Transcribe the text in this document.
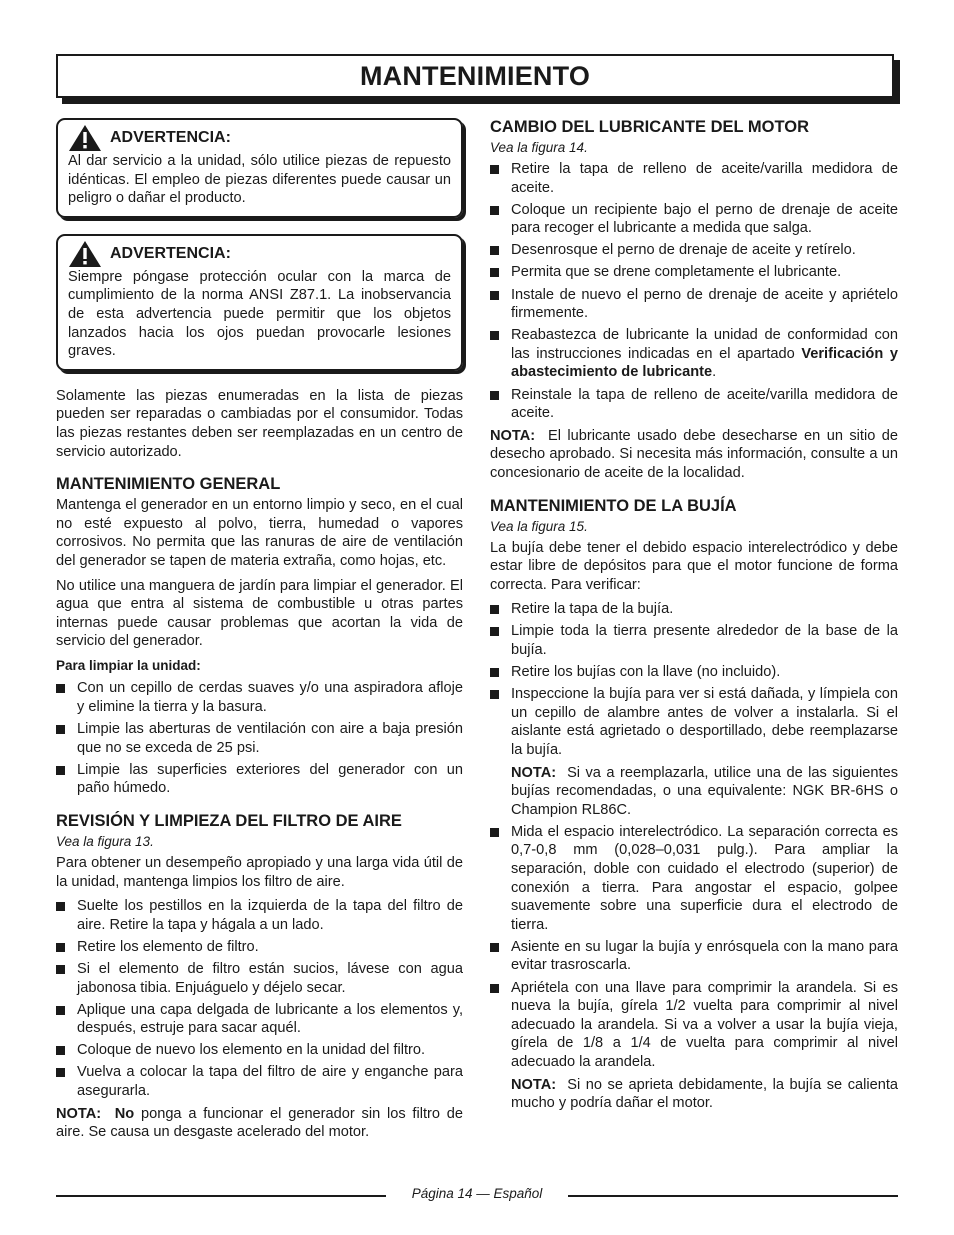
MANTENIMIENTO
ADVERTENCIA:

Al dar servicio a la unidad, sólo utilice piezas de repuesto idénticas. El empleo de piezas diferentes puede causar un peligro o dañar el producto.

ADVERTENCIA:

Siempre póngase protección ocular con la marca de cumplimiento de la norma ANSI Z87.1. La inobservancia de esta advertencia puede permitir que los objetos lanzados hacia los ojos puedan provocarle lesiones graves.

Solamente las piezas enumeradas en la lista de piezas pueden ser reparadas o cambiadas por el consumidor. Todas las piezas restantes deben ser reemplazadas en un centro de servicio autorizado.

MANTENIMIENTO GENERAL

Mantenga el generador en un entorno limpio y seco, en el cual no esté expuesto al polvo, tierra, humedad o vapores corrosivos. No permita que las ranuras de aire de ventilación del generador se tapen de materia extraña, como hojas, etc.

No utilice una manguera de jardín para limpiar el generador. El agua que entra al sistema de combustible u otras partes internas puede causar problemas que acortan la vida de servicio del generador.

Para limpiar la unidad:
Con un cepillo de cerdas suaves y/o una aspiradora afloje y elimine la tierra y la basura.
Limpie las aberturas de ventilación con aire a baja presión que no se exceda de 25 psi.
Limpie las superficies exteriores del generador con un paño húmedo.
REVISIÓN Y LIMPIEZA DEL FILTRO DE AIRE
Vea la figura 13.

Para obtener un desempeño apropiado y una larga vida útil de la unidad, mantenga limpios los filtro de aire.

Suelte los pestillos en la izquierda de la tapa del filtro de aire. Retire la tapa y hágala a un lado.
Retire los elemento de filtro.
Si el elemento de filtro están sucios, lávese con agua jabonosa tibia. Enjuáguelo y déjelo secar.
Aplique una capa delgada de lubricante a los elementos y, después, estruje para sacar aquél.
Coloque de nuevo los elemento en la unidad del filtro.
Vuelva a colocar la tapa del filtro de aire y enganche para asegurarla.

NOTA: No ponga a funcionar el generador sin los filtro de aire. Se causa un desgaste acelerado del motor.

CAMBIO DEL LUBRICANTE DEL MOTOR
Vea la figura 14.
Retire la tapa de relleno de aceite/varilla medidora de aceite.
Coloque un recipiente bajo el perno de drenaje de aceite para recoger el lubricante a medida que salga.
Desenrosque el perno de drenaje de aceite y retírelo.
Permita que se drene completamente el lubricante.
Instale de nuevo el perno de drenaje de aceite y apriételo firmemente.
Reabastezca de lubricante la unidad de conformidad con las instrucciones indicadas en el apartado Verificación y abastecimiento de lubricante.
Reinstale la tapa de relleno de aceite/varilla medidora de aceite.

NOTA: El lubricante usado debe desecharse en un sitio de desecho aprobado. Si necesita más información, consulte a un concesionario de aceite de la localidad.

MANTENIMIENTO DE LA BUJÍA
Vea la figura 15.

La bujía debe tener el debido espacio interelectródico y debe estar libre de depósitos para que el motor funcione de forma correcta. Para verificar:

Retire la tapa de la bujía.
Limpie toda la tierra presente alrededor de la base de la bujía.
Retire los bujías con la llave (no incluido).
Inspeccione la bujía para ver si está dañada, y límpiela con un cepillo de alambre antes de volver a instalarla. Si el aislante está agrietado o desportillado, debe reemplazarse la bujía.
NOTA: Si va a reemplazarla, utilice una de las siguientes bujías recomendadas, o una equivalente: NGK BR-6HS o Champion RL86C.
Mida el espacio interelectródico. La separación correcta es 0,7-0,8 mm (0,028–0,031 pulg.). Para ampliar la separación, doble con cuidado el electrodo (superior) de conexión a tierra. Para angostar el espacio, golpee suavemente sobre una superficie dura el electrodo de tierra.
Asiente en su lugar la bujía y enrósquela con la mano para evitar trasroscarla.
Apriétela con una llave para comprimir la arandela. Si es nueva la bujía, gírela 1/2 vuelta para comprimir al nivel adecuado la arandela. Si va a volver a usar la bujía vieja, gírela de 1/8 a 1/4 de vuelta para comprimir al nivel adecuado la arandela.
NOTA: Si no se aprieta debidamente, la bujía se calienta mucho y podría dañar el motor.
Página 14 — Español
